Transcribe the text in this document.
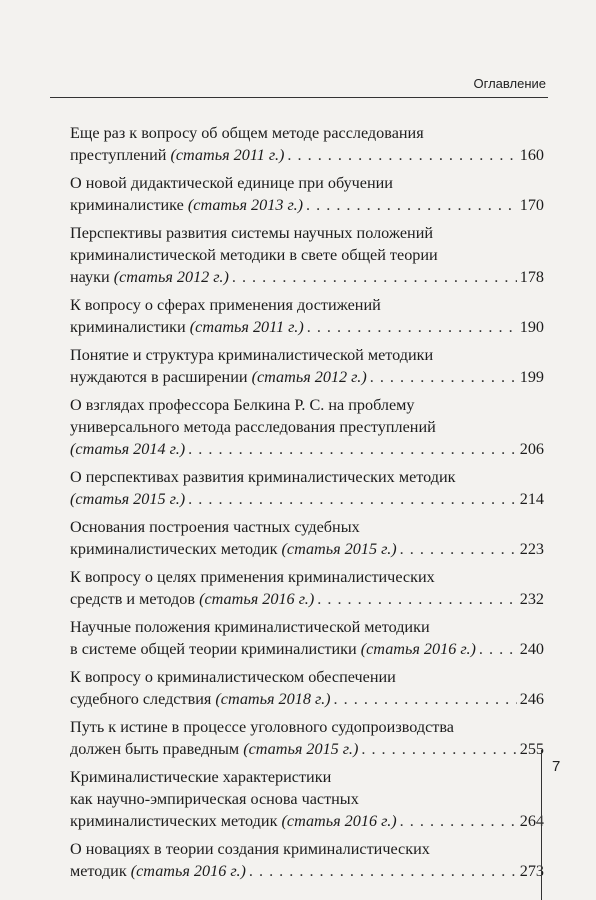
Оглавление
Еще раз к вопросу об общем методе расследования
преступлений (статья 2011 г.) . . .	160
О новой дидактической единице при обучении
криминалистике (статья 2013 г.) . . .	170
Перспективы развития системы научных положений
криминалистической методики в свете общей теории
науки (статья 2012 г.) . . .	178
К вопросу о сферах применения достижений
криминалистики (статья 2011 г.) . . .	190
Понятие и структура криминалистической методики
нуждаются в расширении (статья 2012 г.) . . .	199
О взглядах профессора Белкина Р. С. на проблему
универсального метода расследования преступлений
(статья 2014 г.) . . .	206
О перспективах развития криминалистических методик
(статья 2015 г.) . . .	214
Основания построения частных судебных
криминалистических методик (статья 2015 г.) . . .	223
К вопросу о целях применения криминалистических
средств и методов (статья 2016 г.) . . .	232
Научные положения криминалистической методики
в системе общей теории криминалистики (статья 2016 г.) . . .	240
К вопросу о криминалистическом обеспечении
судебного следствия (статья 2018 г.) . . .	246
Путь к истине в процессе уголовного судопроизводства
должен быть праведным (статья 2015 г.) . . .	255
Криминалистические характеристики
как научно-эмпирическая основа частных
криминалистических методик (статья 2016 г.) . . .	264
О новациях в теории создания криминалистических
методик (статья 2016 г.) . . .	273
7
